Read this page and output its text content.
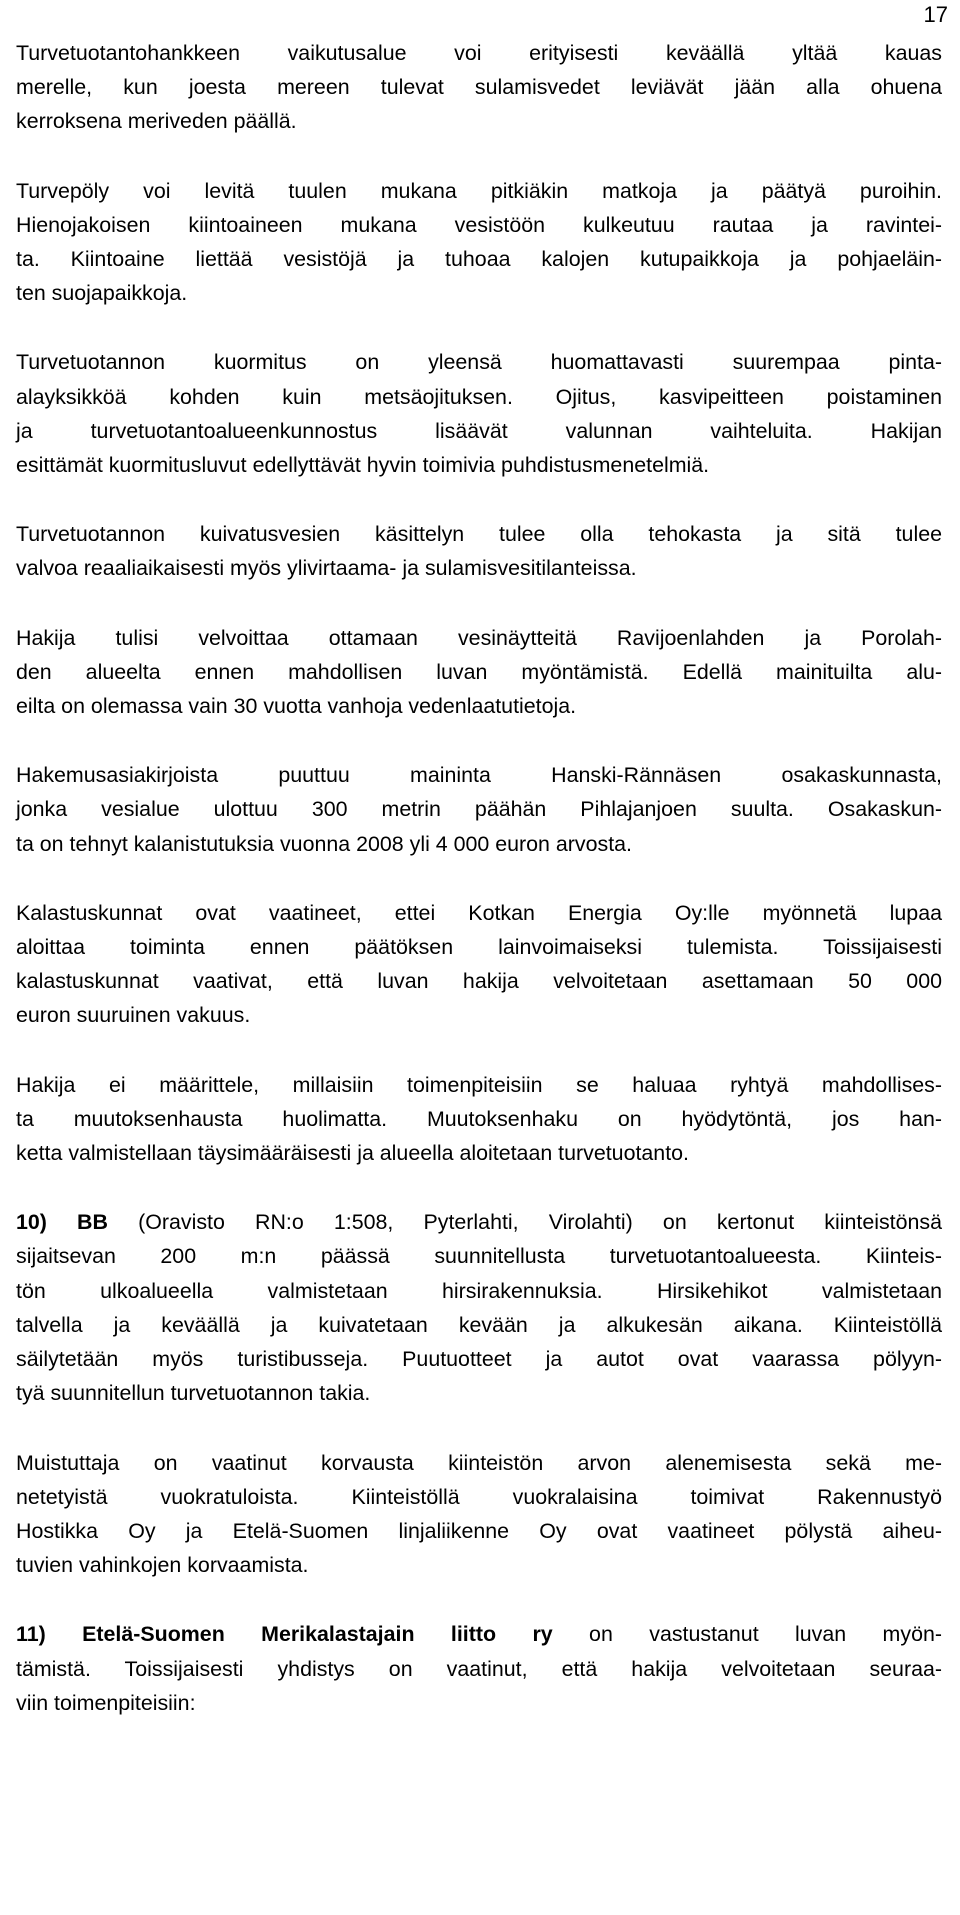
17
Turvetuotantohankkeen vaikutusalue voi erityisesti keväällä yltää kauas
merelle, kun joesta mereen tulevat sulamisvedet leviävät jään alla ohuena
kerroksena meriveden päällä.
Turvepöly voi levitä tuulen mukana pitkiäkin matkoja ja päätyä puroihin.
Hienojakoisen kiintoaineen mukana vesistöön kulkeutuu rautaa ja ravintei-
ta. Kiintoaine liettää vesistöjä ja tuhoaa kalojen kutupaikkoja ja pohjaeläin-
ten suojapaikkoja.
Turvetuotannon kuormitus on yleensä huomattavasti suurempaa pinta-
alayksikköä kohden kuin metsäojituksen. Ojitus, kasvipeitteen poistaminen
ja turvetuotantoalueenkunnostus lisäävät valunnan vaihteluita. Hakijan
esittämät kuormitusluvut edellyttävät hyvin toimivia puhdistusmenetelmiä.
Turvetuotannon kuivatusvesien käsittelyn tulee olla tehokasta ja sitä tulee
valvoa reaaliaikaisesti myös ylivirtaama- ja sulamisvesitilanteissa.
Hakija tulisi velvoittaa ottamaan vesinäytteitä Ravijoenlahden ja Porolah-
den alueelta ennen mahdollisen luvan myöntämistä. Edellä mainituilta alu-
eilta on olemassa vain 30 vuotta vanhoja vedenlaatutietoja.
Hakemusasiakirjoista puuttuu maininta Hanski-Rännäsen osakaskunnasta,
jonka vesialue ulottuu 300 metrin päähän Pihlajanjoen suulta. Osakaskun-
ta on tehnyt kalanistutuksia vuonna 2008 yli 4 000 euron arvosta.
Kalastuskunnat ovat vaatineet, ettei Kotkan Energia Oy:lle myönnetä lupaa
aloittaa toiminta ennen päätöksen lainvoimaiseksi tulemista. Toissijaisesti
kalastuskunnat vaativat, että luvan hakija velvoitetaan asettamaan 50 000
euron suuruinen vakuus.
Hakija ei määrittele, millaisiin toimenpiteisiin se haluaa ryhtyä mahdollises-
ta muutoksenhausta huolimatta. Muutoksenhaku on hyödytöntä, jos han-
ketta valmistellaan täysimääräisesti ja alueella aloitetaan turvetuotanto.
10) BB (Oravisto RN:o 1:508, Pyterlahti, Virolahti) on kertonut kiinteistönsä
sijaitsevan 200 m:n päässä suunnitellusta turvetuotantoalueesta. Kiinteis-
tön ulkoalueella valmistetaan hirsirakennuksia. Hirsikehikot valmistetaan
talvella ja keväällä ja kuivatetaan kevään ja alkukesän aikana. Kiinteistöllä
säilytetään myös turistibusseja. Puutuotteet ja autot ovat vaarassa pölyyn-
tyä suunnitellun turvetuotannon takia.
Muistuttaja on vaatinut korvausta kiinteistön arvon alenemisesta sekä me-
netetyistä vuokratuloista. Kiinteistöllä vuokralaisina toimivat Rakennustyö
Hostikka Oy ja Etelä-Suomen linjaliikenne Oy ovat vaatineet pölystä aiheu-
tuvien vahinkojen korvaamista.
11) Etelä-Suomen Merikalastajain liitto ry on vastustanut luvan myön-
tämistä. Toissijaisesti yhdistys on vaatinut, että hakija velvoitetaan seuraa-
viin toimenpiteisiin:
